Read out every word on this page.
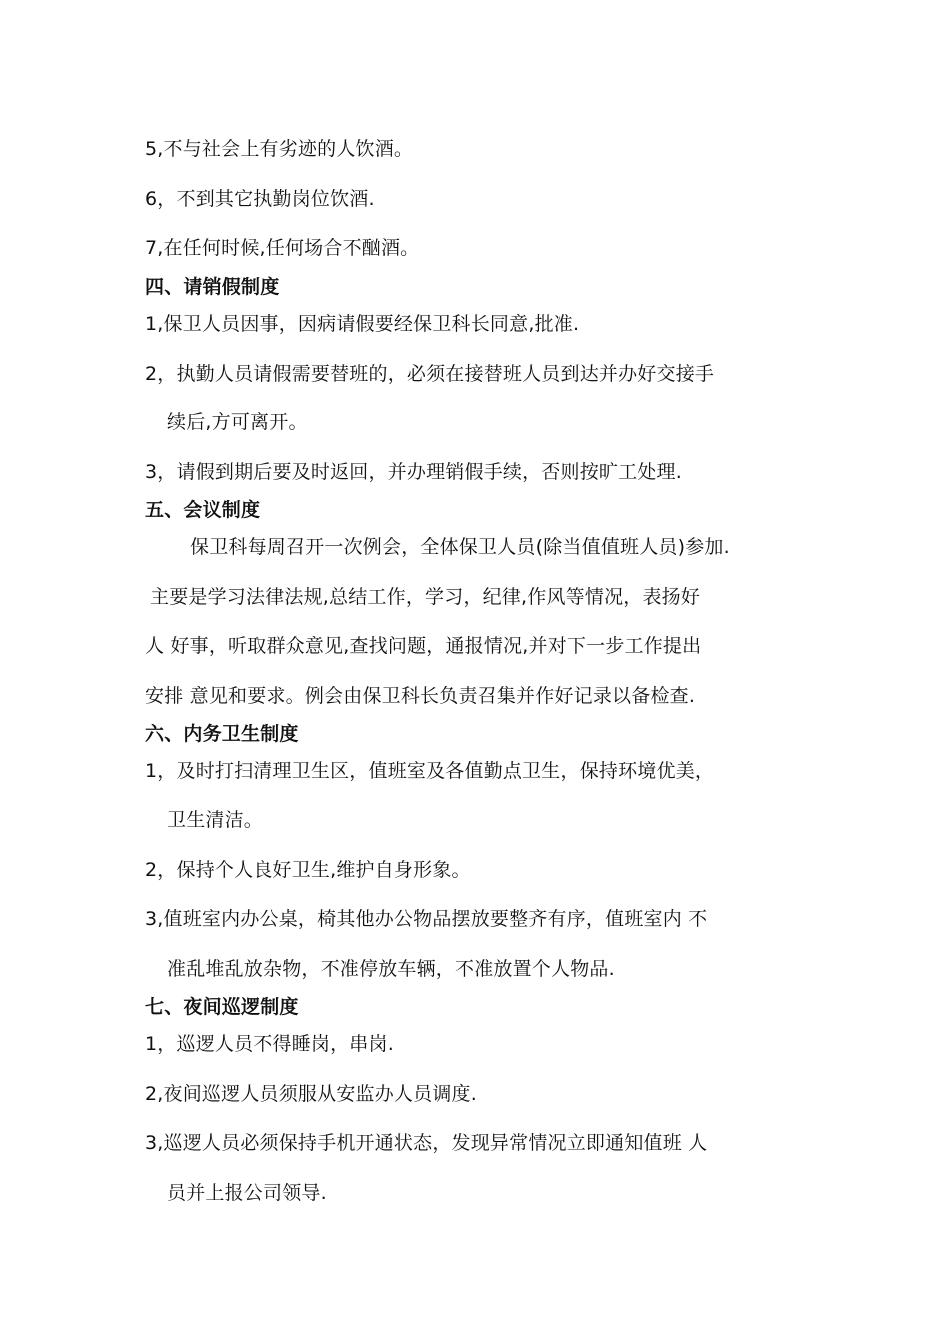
5,不与社会上有劣迹的人饮酒。
6，不到其它执勤岗位饮酒.
7,在任何时候,任何场合不酗酒。
四、请销假制度
1,保卫人员因事，因病请假要经保卫科长同意,批准.
2，执勤人员请假需要替班的，必须在接替班人员到达并办好交接手
续后,方可离开。
3，请假到期后要及时返回，并办理销假手续，否则按旷工处理.
五、会议制度
保卫科每周召开一次例会，全体保卫人员(除当值值班人员)参加.
主要是学习法律法规,总结工作，学习，纪律,作风等情况，表扬好
人 好事，听取群众意见,查找问题，通报情况,并对下一步工作提出
安排 意见和要求。例会由保卫科长负责召集并作好记录以备检查.
六、内务卫生制度
1，及时打扫清理卫生区，值班室及各值勤点卫生，保持环境优美，
卫生清洁。
2，保持个人良好卫生,维护自身形象。
3,值班室内办公桌，椅其他办公物品摆放要整齐有序，值班室内 不
准乱堆乱放杂物，不准停放车辆，不准放置个人物品.
七、夜间巡逻制度
1，巡逻人员不得睡岗，串岗.
2,夜间巡逻人员须服从安监办人员调度.
3,巡逻人员必须保持手机开通状态，发现异常情况立即通知值班 人
员并上报公司领导.
